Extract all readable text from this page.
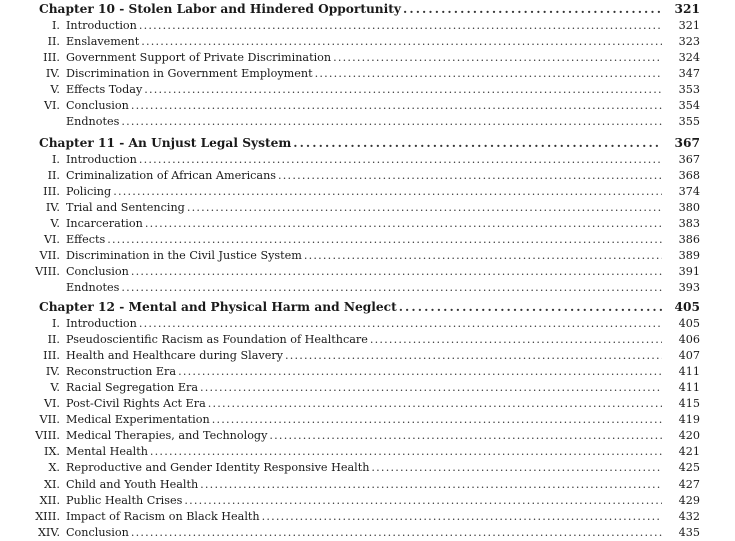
Chapter 10 - Stolen Labor and Hindered Opportunity .....	321
I. Introduction .....	321
II. Enslavement .....	323
III. Government Support of Private Discrimination .....	324
IV. Discrimination in Government Employment .....	347
V. Effects Today .....	353
VI. Conclusion .....	354
Endnotes .....	355
Chapter 11 - An Unjust Legal System .....	367
I. Introduction .....	367
II. Criminalization of African Americans .....	368
III. Policing .....	374
IV. Trial and Sentencing .....	380
V. Incarceration .....	383
VI. Effects .....	386
VII. Discrimination in the Civil Justice System .....	389
VIII. Conclusion .....	391
Endnotes .....	393
Chapter 12 - Mental and Physical Harm and Neglect .....	405
I. Introduction .....	405
II. Pseudoscientific Racism as Foundation of Healthcare .....	406
III. Health and Healthcare during Slavery .....	407
IV. Reconstruction Era .....	411
V. Racial Segregation Era .....	411
VI. Post-Civil Rights Act Era .....	415
VII. Medical Experimentation .....	419
VIII. Medical Therapies, and Technology .....	420
IX. Mental Health .....	421
X. Reproductive and Gender Identity Responsive Health .....	425
XI. Child and Youth Health .....	427
XII. Public Health Crises .....	429
XIII. Impact of Racism on Black Health .....	432
XIV. Conclusion .....	435
